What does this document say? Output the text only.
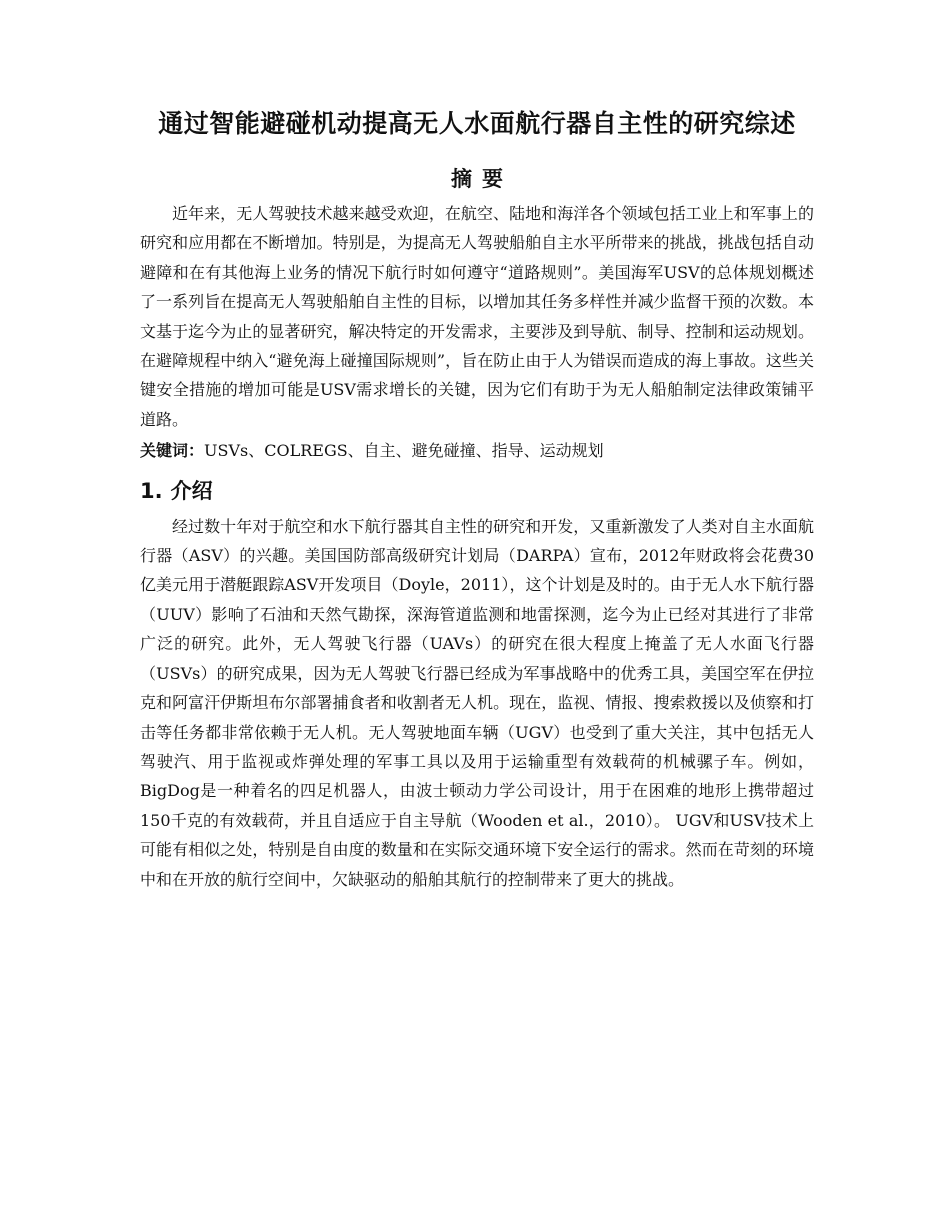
通过智能避碰机动提高无人水面航行器自主性的研究综述
摘要

近年来，无人驾驶技术越来越受欢迎，在航空、陆地和海洋各个领域包括工业上和军事上的研究和应用都在不断增加。特别是，为提高无人驾驶船舶自主水平所带来的挑战，挑战包括自动避障和在有其他海上业务的情况下航行时如何遵守“道路规则”。美国海军USV的总体规划概述了一系列旨在提高无人驾驶船舶自主性的目标，以增加其任务多样性并减少监督干预的次数。本文基于迄今为止的显著研究，解决特定的开发需求，主要涉及到导航、制导、控制和运动规划。在避障规程中纳入“避免海上碰撞国际规则”，旨在防止由于人为错误而造成的海上事故。这些关键安全措施的增加可能是USV需求增长的关键，因为它们有助于为无人船舶制定法律政策铺平道路。

关键词：USVs、COLREGS、自主、避免碰撞、指导、运动规划

1. 介绍

经过数十年对于航空和水下航行器其自主性的研究和开发，又重新激发了人类对自主水面航行器（ASV）的兴趣。美国国防部高级研究计划局（DARPA）宣布，2012年财政将会花费30亿美元用于潜艇跟踪ASV开发项目（Doyle，2011），这个计划是及时的。由于无人水下航行器（UUV）影响了石油和天然气勘探，深海管道监测和地雷探测，迄今为止已经对其进行了非常广泛的研究。此外，无人驾驶飞行器（UAVs）的研究在很大程度上掩盖了无人水面飞行器（USVs）的研究成果，因为无人驾驶飞行器已经成为军事战略中的优秀工具，美国空军在伊拉克和阿富汗伊斯坦布尔部署捕食者和收割者无人机。现在，监视、情报、搜索救援以及侦察和打击等任务都非常依赖于无人机。无人驾驶地面车辆（UGV）也受到了重大关注，其中包括无人驾驶汽、用于监视或炸弹处理的军事工具以及用于运输重型有效载荷的机械骡子车。例如，BigDog是一种着名的四足机器人，由波士顿动力学公司设计，用于在困难的地形上携带超过150千克的有效载荷，并且自适应于自主导航（Wooden et al.，2010）。 UGV和USV技术上可能有相似之处，特别是自由度的数量和在实际交通环境下安全运行的需求。然而在苛刻的环境中和在开放的航行空间中，欠缺驱动的船舶其航行的控制带来了更大的挑战。
